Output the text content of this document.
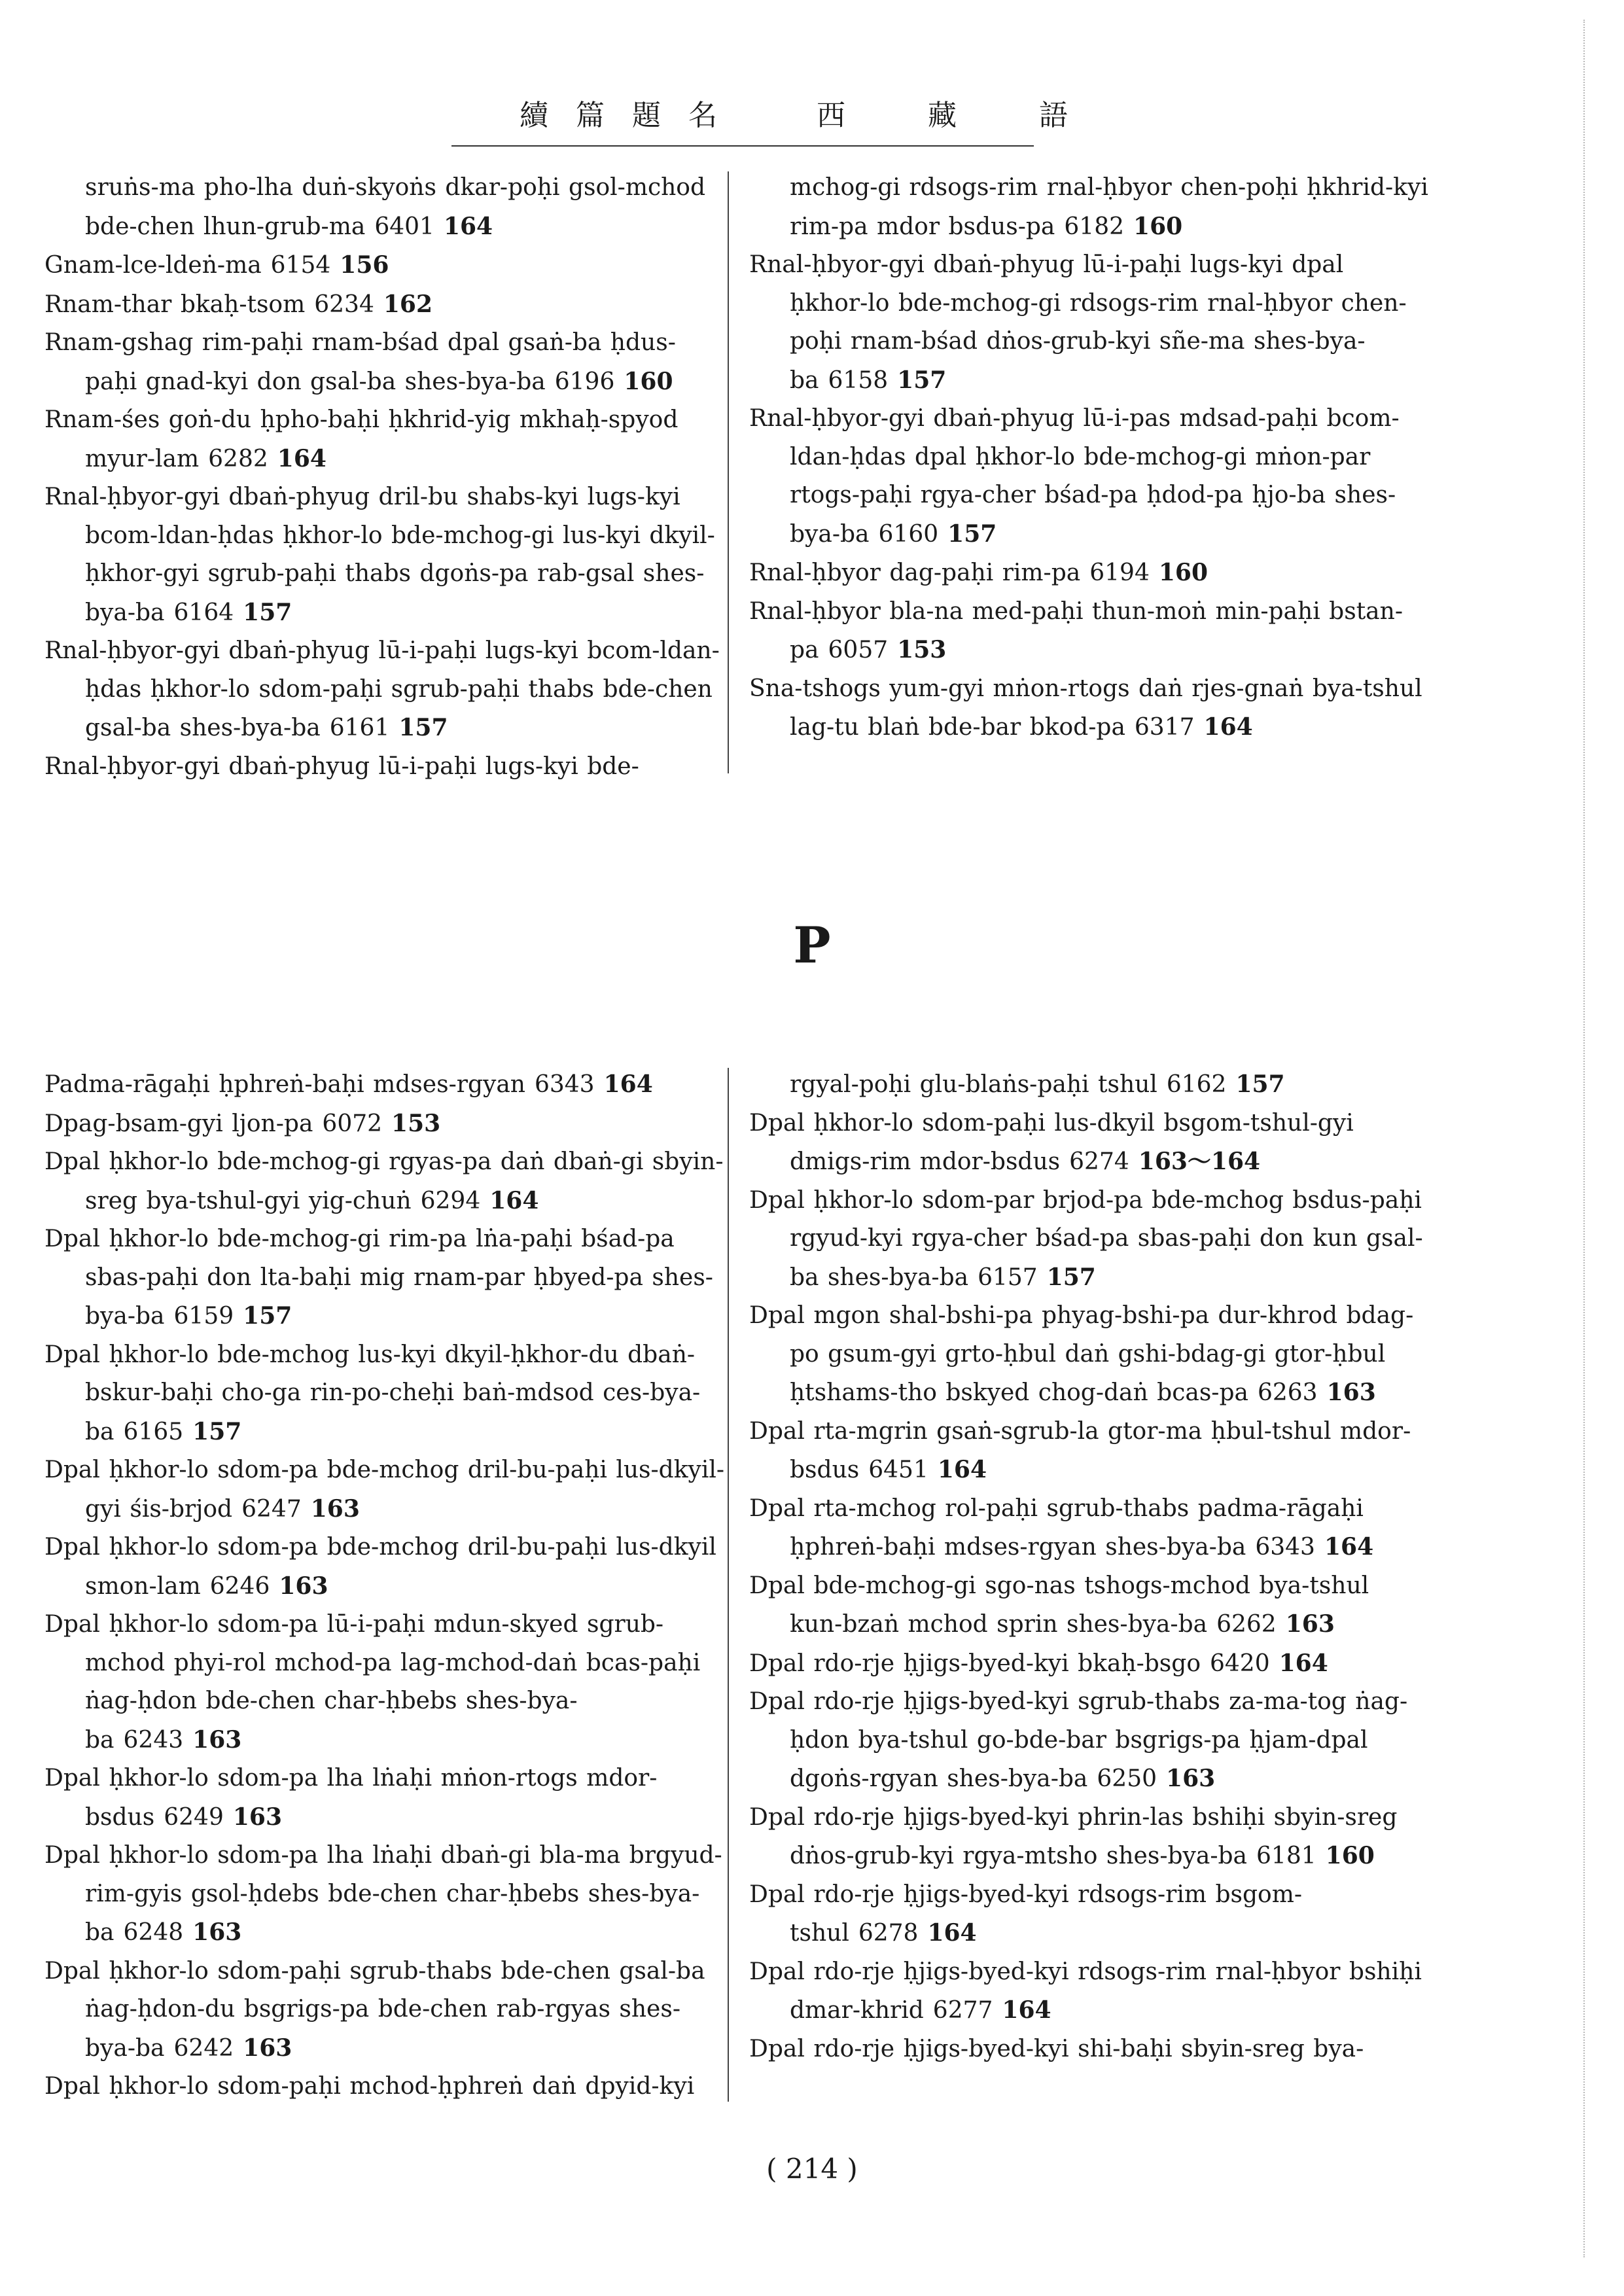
續 篇 題 名	西 藏 語
sruṅs-ma pho-lha duṅ-skyoṅs dkar-poḥi gsol-mchod bde-chen lhun-grub-ma 6401 164
Gnam-lce-ldeṅ-ma 6154 156
Rnam-thar bkaḥ-tsom 6234 162
Rnam-gshag rim-paḥi rnam-bśad dpal gsaṅ-ba ḥdus-paḥi gnad-kyi don gsal-ba shes-bya-ba 6196 160
Rnam-śes goṅ-du ḥpho-baḥi ḥkhrid-yig mkhaḥ-spyod myur-lam 6282 164
Rnal-ḥbyor-gyi dbaṅ-phyug dril-bu shabs-kyi lugs-kyi bcom-ldan-ḥdas ḥkhor-lo bde-mchog-gi lus-kyi dkyil-ḥkhor-gyi sgrub-paḥi thabs dgoṅs-pa rab-gsal shes-bya-ba 6164 157
Rnal-ḥbyor-gyi dbaṅ-phyug lū-i-paḥi lugs-kyi bcom-ldan-ḥdas ḥkhor-lo sdom-paḥi sgrub-paḥi thabs bde-chen gsal-ba shes-bya-ba 6161 157
Rnal-ḥbyor-gyi dbaṅ-phyug lū-i-paḥi lugs-kyi bde-
mchog-gi rdsogs-rim rnal-ḥbyor chen-poḥi ḥkhrid-kyi rim-pa mdor bsdus-pa 6182 160
Rnal-ḥbyor-gyi dbaṅ-phyug lū-i-paḥi lugs-kyi dpal ḥkhor-lo bde-mchog-gi rdsogs-rim rnal-ḥbyor chen-poḥi rnam-bśad dṅos-grub-kyi sñe-ma shes-bya-ba 6158 157
Rnal-ḥbyor-gyi dbaṅ-phyug lū-i-pas mdsad-paḥi bcom-ldan-ḥdas dpal ḥkhor-lo bde-mchog-gi mṅon-par rtogs-paḥi rgya-cher bśad-pa ḥdod-pa ḥjo-ba shes-bya-ba 6160 157
Rnal-ḥbyor dag-paḥi rim-pa 6194 160
Rnal-ḥbyor bla-na med-paḥi thun-moṅ min-paḥi bstan-pa 6057 153
Sna-tshogs yum-gyi mṅon-rtogs daṅ rjes-gnaṅ bya-tshul lag-tu blaṅ bde-bar bkod-pa 6317 164
P
Padma-rāgaḥi ḥphreṅ-baḥi mdses-rgyan 6343 164
Dpag-bsam-gyi ljon-pa 6072 153
Dpal ḥkhor-lo bde-mchog-gi rgyas-pa daṅ dbaṅ-gi sbyin-sreg bya-tshul-gyi yig-chuṅ 6294 164
Dpal ḥkhor-lo bde-mchog-gi rim-pa lṅa-paḥi bśad-pa sbas-paḥi don lta-baḥi mig rnam-par ḥbyed-pa shes-bya-ba 6159 157
Dpal ḥkhor-lo bde-mchog lus-kyi dkyil-ḥkhor-du dbaṅ-bskur-baḥi cho-ga rin-po-cheḥi baṅ-mdsod ces-bya-ba 6165 157
Dpal ḥkhor-lo sdom-pa bde-mchog dril-bu-paḥi lus-dkyil-gyi śis-brjod 6247 163
Dpal ḥkhor-lo sdom-pa bde-mchog dril-bu-paḥi lus-dkyil smon-lam 6246 163
Dpal ḥkhor-lo sdom-pa lū-i-paḥi mdun-skyed sgrub-mchod phyi-rol mchod-pa lag-mchod-daṅ bcas-paḥi ṅag-ḥdon bde-chen char-ḥbebs shes-bya-ba 6243 163
Dpal ḥkhor-lo sdom-pa lha lṅaḥi mṅon-rtogs mdor-bsdus 6249 163
Dpal ḥkhor-lo sdom-pa lha lṅaḥi dbaṅ-gi bla-ma brgyud-rim-gyis gsol-ḥdebs bde-chen char-ḥbebs shes-bya-ba 6248 163
Dpal ḥkhor-lo sdom-paḥi sgrub-thabs bde-chen gsal-ba ṅag-ḥdon-du bsgrigs-pa bde-chen rab-rgyas shes-bya-ba 6242 163
Dpal ḥkhor-lo sdom-paḥi mchod-ḥphreṅ daṅ dpyid-kyi
rgyal-poḥi glu-blaṅs-paḥi tshul 6162 157
Dpal ḥkhor-lo sdom-paḥi lus-dkyil bsgom-tshul-gyi dmigs-rim mdor-bsdus 6274 163～164
Dpal ḥkhor-lo sdom-par brjod-pa bde-mchog bsdus-paḥi rgyud-kyi rgya-cher bśad-pa sbas-paḥi don kun gsal-ba shes-bya-ba 6157 157
Dpal mgon shal-bshi-pa phyag-bshi-pa dur-khrod bdag-po gsum-gyi grto-ḥbul daṅ gshi-bdag-gi gtor-ḥbul ḥtshams-tho bskyed chog-daṅ bcas-pa 6263 163
Dpal rta-mgrin gsaṅ-sgrub-la gtor-ma ḥbul-tshul mdor-bsdus 6451 164
Dpal rta-mchog rol-paḥi sgrub-thabs padma-rāgaḥi ḥphreṅ-baḥi mdses-rgyan shes-bya-ba 6343 164
Dpal bde-mchog-gi sgo-nas tshogs-mchod bya-tshul kun-bzaṅ mchod sprin shes-bya-ba 6262 163
Dpal rdo-rje ḥjigs-byed-kyi bkaḥ-bsgo 6420 164
Dpal rdo-rje ḥjigs-byed-kyi sgrub-thabs za-ma-tog ṅag-ḥdon bya-tshul go-bde-bar bsgrigs-pa ḥjam-dpal dgoṅs-rgyan shes-bya-ba 6250 163
Dpal rdo-rje ḥjigs-byed-kyi phrin-las bshiḥi sbyin-sreg dṅos-grub-kyi rgya-mtsho shes-bya-ba 6181 160
Dpal rdo-rje ḥjigs-byed-kyi rdsogs-rim bsgom-tshul 6278 164
Dpal rdo-rje ḥjigs-byed-kyi rdsogs-rim rnal-ḥbyor bshiḥi dmar-khrid 6277 164
Dpal rdo-rje ḥjigs-byed-kyi shi-baḥi sbyin-sreg bya-
( 214 )
